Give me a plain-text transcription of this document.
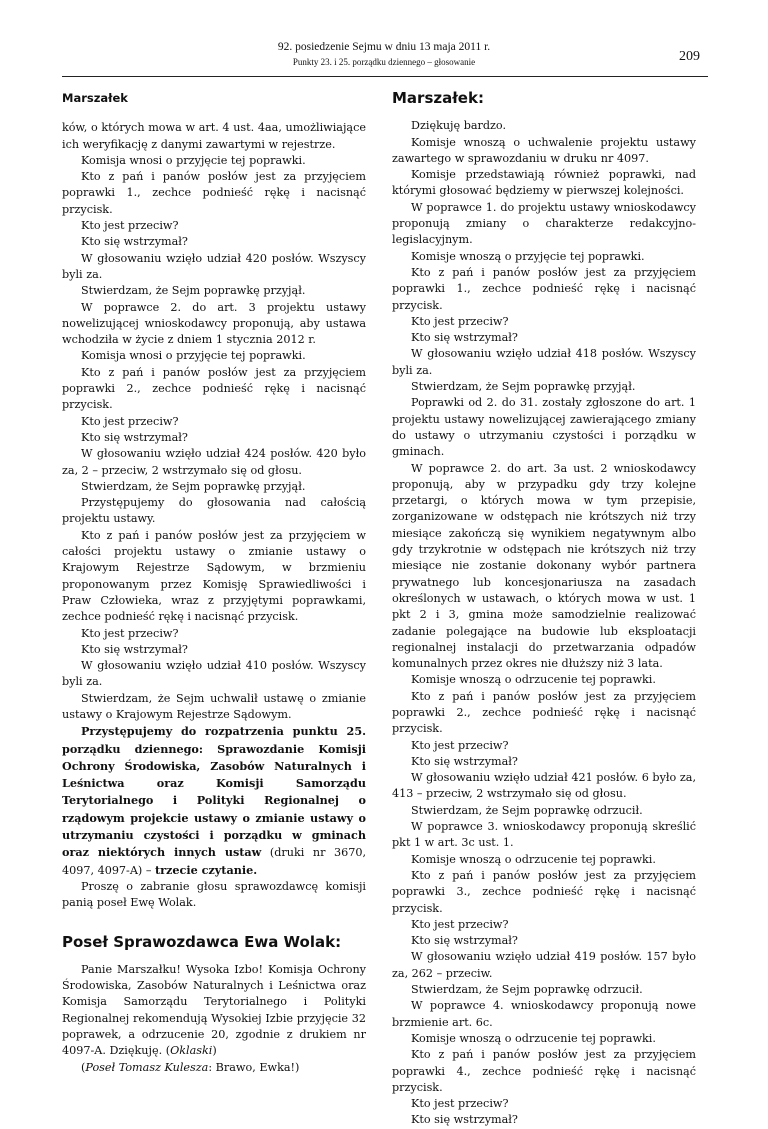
92. posiedzenie Sejmu w dniu 13 maja 2011 r.
Punkty 23. i 25. porządku dziennego – głosowanie	209
Marszałek

ków, o których mowa w art. 4 ust. 4aa, umożliwiające ich weryfikację z danymi zawartymi w rejestrze.

Komisja wnosi o przyjęcie tej poprawki.

Kto z pań i panów posłów jest za przyjęciem poprawki 1., zechce podnieść rękę i nacisnąć przycisk.

Kto jest przeciw?

Kto się wstrzymał?

W głosowaniu wzięło udział 420 posłów. Wszyscy byli za.

Stwierdzam, że Sejm poprawkę przyjął.

W poprawce 2. do art. 3 projektu ustawy nowelizującej wnioskodawcy proponują, aby ustawa wchodziła w życie z dniem 1 stycznia 2012 r.

Komisja wnosi o przyjęcie tej poprawki.

Kto z pań i panów posłów jest za przyjęciem poprawki 2., zechce podnieść rękę i nacisnąć przycisk.

Kto jest przeciw?

Kto się wstrzymał?

W głosowaniu wzięło udział 424 posłów. 420 było za, 2 – przeciw, 2 wstrzymało się od głosu.

Stwierdzam, że Sejm poprawkę przyjął.

Przystępujemy do głosowania nad całością projektu ustawy.

Kto z pań i panów posłów jest za przyjęciem w całości projektu ustawy o zmianie ustawy o Krajowym Rejestrze Sądowym, w brzmieniu proponowanym przez Komisję Sprawiedliwości i Praw Człowieka, wraz z przyjętymi poprawkami, zechce podnieść rękę i nacisnąć przycisk.

Kto jest przeciw?

Kto się wstrzymał?

W głosowaniu wzięło udział 410 posłów. Wszyscy byli za.

Stwierdzam, że Sejm uchwalił ustawę o zmianie ustawy o Krajowym Rejestrze Sądowym.

Przystępujemy do rozpatrzenia punktu 25. porządku dziennego: Sprawozdanie Komisji Ochrony Środowiska, Zasobów Naturalnych i Leśnictwa oraz Komisji Samorządu Terytorialnego i Polityki Regionalnej o rządowym projekcie ustawy o zmianie ustawy o utrzymaniu czystości i porządku w gminach oraz niektórych innych ustaw (druki nr 3670, 4097, 4097-A) – trzecie czytanie.

Proszę o zabranie głosu sprawozdawcę komisji panią poseł Ewę Wolak.

Poseł Sprawozdawca Ewa Wolak:

Panie Marszałku! Wysoka Izbo! Komisja Ochrony Środowiska, Zasobów Naturalnych i Leśnictwa oraz Komisja Samorządu Terytorialnego i Polityki Regionalnej rekomendują Wysokiej Izbie przyjęcie 32 poprawek, a odrzucenie 20, zgodnie z drukiem nr 4097-A. Dziękuję. (Oklaski)

(Poseł Tomasz Kulesza: Brawo, Ewka!)

Marszałek:

Dziękuję bardzo.

Komisje wnoszą o uchwalenie projektu ustawy zawartego w sprawozdaniu w druku nr 4097.

Komisje przedstawiają również poprawki, nad którymi głosować będziemy w pierwszej kolejności.

W poprawce 1. do projektu ustawy wnioskodawcy proponują zmiany o charakterze redakcyjno-legislacyjnym.

Komisje wnoszą o przyjęcie tej poprawki.

Kto z pań i panów posłów jest za przyjęciem poprawki 1., zechce podnieść rękę i nacisnąć przycisk.

Kto jest przeciw?

Kto się wstrzymał?

W głosowaniu wzięło udział 418 posłów. Wszyscy byli za.

Stwierdzam, że Sejm poprawkę przyjął.

Poprawki od 2. do 31. zostały zgłoszone do art. 1 projektu ustawy nowelizującej zawierającego zmiany do ustawy o utrzymaniu czystości i porządku w gminach.

W poprawce 2. do art. 3a ust. 2 wnioskodawcy proponują, aby w przypadku gdy trzy kolejne przetargi, o których mowa w tym przepisie, zorganizowane w odstępach nie krótszych niż trzy miesiące zakończą się wynikiem negatywnym albo gdy trzykrotnie w odstępach nie krótszych niż trzy miesiące nie zostanie dokonany wybór partnera prywatnego lub koncesjonariusza na zasadach określonych w ustawach, o których mowa w ust. 1 pkt 2 i 3, gmina może samodzielnie realizować zadanie polegające na budowie lub eksploatacji regionalnej instalacji do przetwarzania odpadów komunalnych przez okres nie dłuższy niż 3 lata.

Komisje wnoszą o odrzucenie tej poprawki.

Kto z pań i panów posłów jest za przyjęciem poprawki 2., zechce podnieść rękę i nacisnąć przycisk.

Kto jest przeciw?

Kto się wstrzymał?

W głosowaniu wzięło udział 421 posłów. 6 było za, 413 – przeciw, 2 wstrzymało się od głosu.

Stwierdzam, że Sejm poprawkę odrzucił.

W poprawce 3. wnioskodawcy proponują skreślić pkt 1 w art. 3c ust. 1.

Komisje wnoszą o odrzucenie tej poprawki.

Kto z pań i panów posłów jest za przyjęciem poprawki 3., zechce podnieść rękę i nacisnąć przycisk.

Kto jest przeciw?

Kto się wstrzymał?

W głosowaniu wzięło udział 419 posłów. 157 było za, 262 – przeciw.

Stwierdzam, że Sejm poprawkę odrzucił.

W poprawce 4. wnioskodawcy proponują nowe brzmienie art. 6c.

Komisje wnoszą o odrzucenie tej poprawki.

Kto z pań i panów posłów jest za przyjęciem poprawki 4., zechce podnieść rękę i nacisnąć przycisk.

Kto jest przeciw?

Kto się wstrzymał?
